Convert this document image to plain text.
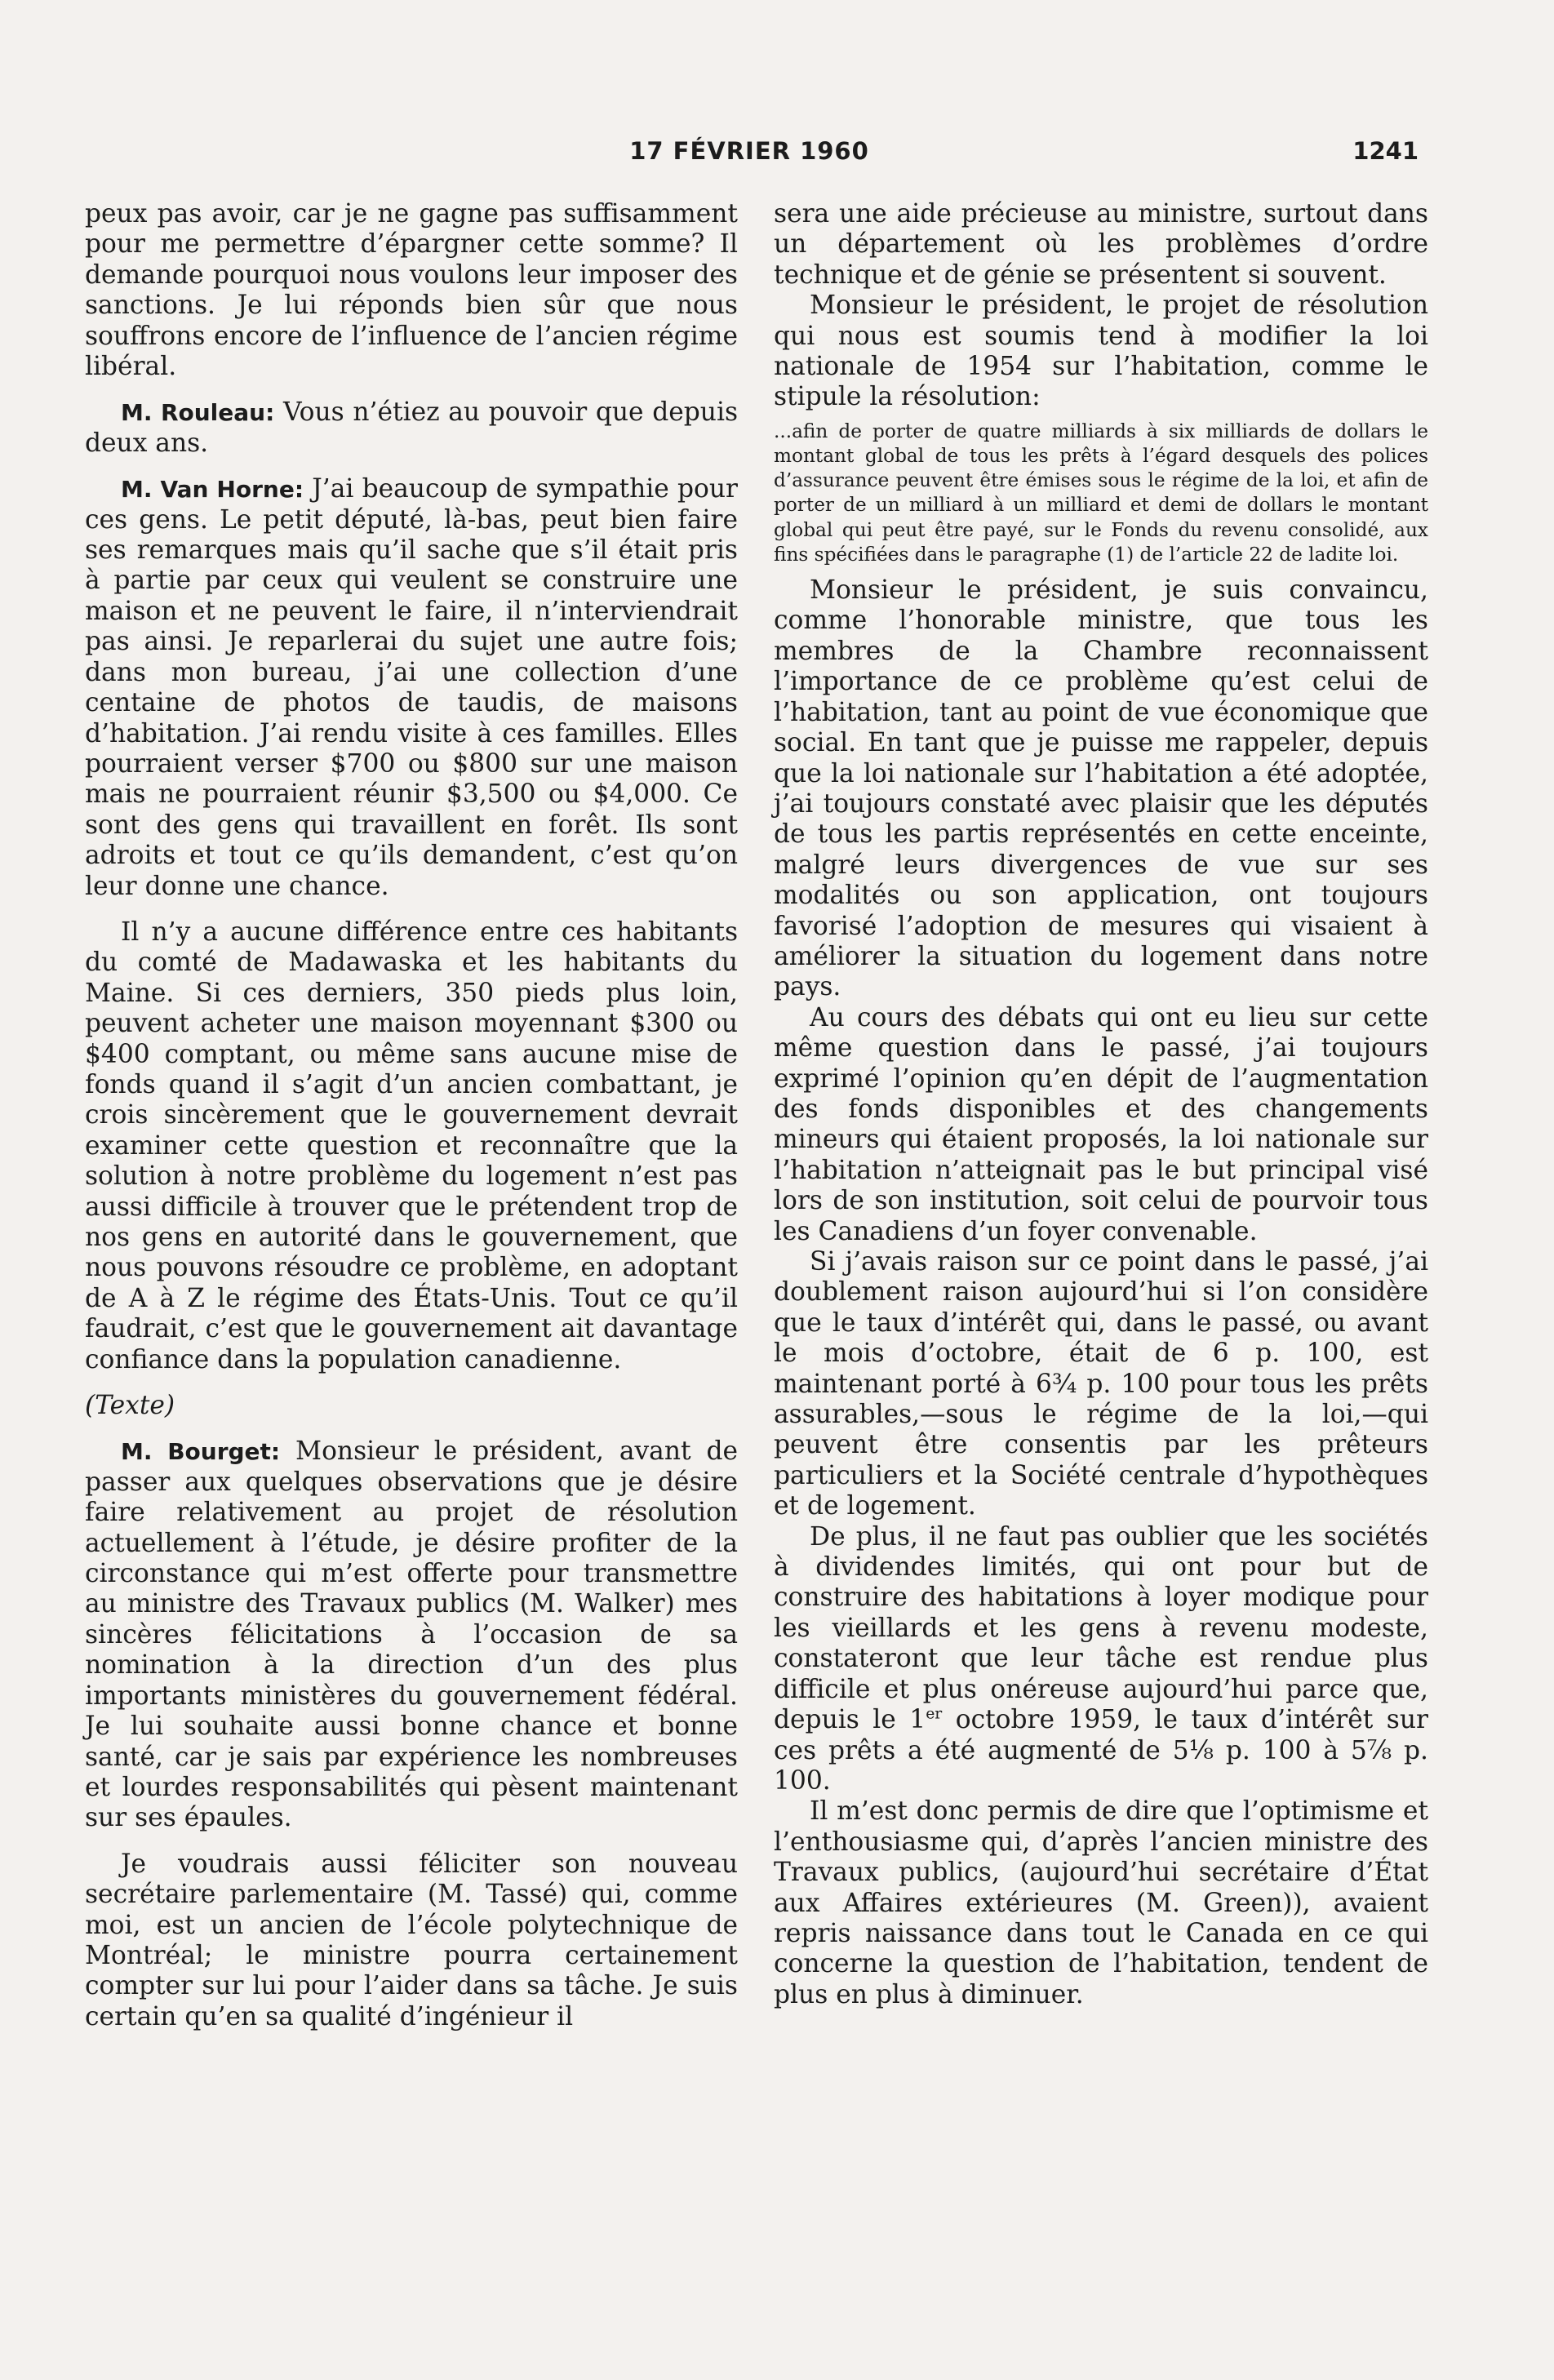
17 FÉVRIER 1960	1241

peux pas avoir, car je ne gagne pas suffisamment pour me permettre d’épargner cette somme? Il demande pourquoi nous voulons leur imposer des sanctions. Je lui réponds bien sûr que nous souffrons encore de l’influence de l’ancien régime libéral.

M. Rouleau: Vous n’étiez au pouvoir que depuis deux ans.

M. Van Horne: J’ai beaucoup de sympathie pour ces gens. Le petit député, là-bas, peut bien faire ses remarques mais qu’il sache que s’il était pris à partie par ceux qui veulent se construire une maison et ne peuvent le faire, il n’interviendrait pas ainsi. Je reparlerai du sujet une autre fois; dans mon bureau, j’ai une collection d’une centaine de photos de taudis, de maisons d’habitation. J’ai rendu visite à ces familles. Elles pourraient verser $700 ou $800 sur une maison mais ne pourraient réunir $3,500 ou $4,000. Ce sont des gens qui travaillent en forêt. Ils sont adroits et tout ce qu’ils demandent, c’est qu’on leur donne une chance.

Il n’y a aucune différence entre ces habitants du comté de Madawaska et les habitants du Maine. Si ces derniers, 350 pieds plus loin, peuvent acheter une maison moyennant $300 ou $400 comptant, ou même sans aucune mise de fonds quand il s’agit d’un ancien combattant, je crois sincèrement que le gouvernement devrait examiner cette question et reconnaître que la solution à notre problème du logement n’est pas aussi difficile à trouver que le prétendent trop de nos gens en autorité dans le gouvernement, que nous pouvons résoudre ce problème, en adoptant de A à Z le régime des États-Unis. Tout ce qu’il faudrait, c’est que le gouvernement ait davantage confiance dans la population canadienne.

(Texte)

M. Bourget: Monsieur le président, avant de passer aux quelques observations que je désire faire relativement au projet de résolution actuellement à l’étude, je désire profiter de la circonstance qui m’est offerte pour transmettre au ministre des Travaux publics (M. Walker) mes sincères félicitations à l’occasion de sa nomination à la direction d’un des plus importants ministères du gouvernement fédéral. Je lui souhaite aussi bonne chance et bonne santé, car je sais par expérience les nombreuses et lourdes responsabilités qui pèsent maintenant sur ses épaules.

Je voudrais aussi féliciter son nouveau secrétaire parlementaire (M. Tassé) qui, comme moi, est un ancien de l’école polytechnique de Montréal; le ministre pourra certainement compter sur lui pour l’aider dans sa tâche. Je suis certain qu’en sa qualité d’ingénieur il

sera une aide précieuse au ministre, surtout dans un département où les problèmes d’ordre technique et de génie se présentent si souvent.

Monsieur le président, le projet de résolution qui nous est soumis tend à modifier la loi nationale de 1954 sur l’habitation, comme le stipule la résolution:

...afin de porter de quatre milliards à six milliards de dollars le montant global de tous les prêts à l’égard desquels des polices d’assurance peuvent être émises sous le régime de la loi, et afin de porter de un milliard à un milliard et demi de dollars le montant global qui peut être payé, sur le Fonds du revenu consolidé, aux fins spécifiées dans le paragraphe (1) de l’article 22 de ladite loi.

Monsieur le président, je suis convaincu, comme l’honorable ministre, que tous les membres de la Chambre reconnaissent l’importance de ce problème qu’est celui de l’habitation, tant au point de vue économique que social. En tant que je puisse me rappeler, depuis que la loi nationale sur l’habitation a été adoptée, j’ai toujours constaté avec plaisir que les députés de tous les partis représentés en cette enceinte, malgré leurs divergences de vue sur ses modalités ou son application, ont toujours favorisé l’adoption de mesures qui visaient à améliorer la situation du logement dans notre pays.

Au cours des débats qui ont eu lieu sur cette même question dans le passé, j’ai toujours exprimé l’opinion qu’en dépit de l’augmentation des fonds disponibles et des changements mineurs qui étaient proposés, la loi nationale sur l’habitation n’atteignait pas le but principal visé lors de son institution, soit celui de pourvoir tous les Canadiens d’un foyer convenable.

Si j’avais raison sur ce point dans le passé, j’ai doublement raison aujourd’hui si l’on considère que le taux d’intérêt qui, dans le passé, ou avant le mois d’octobre, était de 6 p. 100, est maintenant porté à 6¾ p. 100 pour tous les prêts assurables,—sous le régime de la loi,—qui peuvent être consentis par les prêteurs particuliers et la Société centrale d’hypothèques et de logement.

De plus, il ne faut pas oublier que les sociétés à dividendes limités, qui ont pour but de construire des habitations à loyer modique pour les vieillards et les gens à revenu modeste, constateront que leur tâche est rendue plus difficile et plus onéreuse aujourd’hui parce que, depuis le 1er octobre 1959, le taux d’intérêt sur ces prêts a été augmenté de 5⅛ p. 100 à 5⅞ p. 100.

Il m’est donc permis de dire que l’optimisme et l’enthousiasme qui, d’après l’ancien ministre des Travaux publics, (aujourd’hui secrétaire d’État aux Affaires extérieures (M. Green)), avaient repris naissance dans tout le Canada en ce qui concerne la question de l’habitation, tendent de plus en plus à diminuer.
